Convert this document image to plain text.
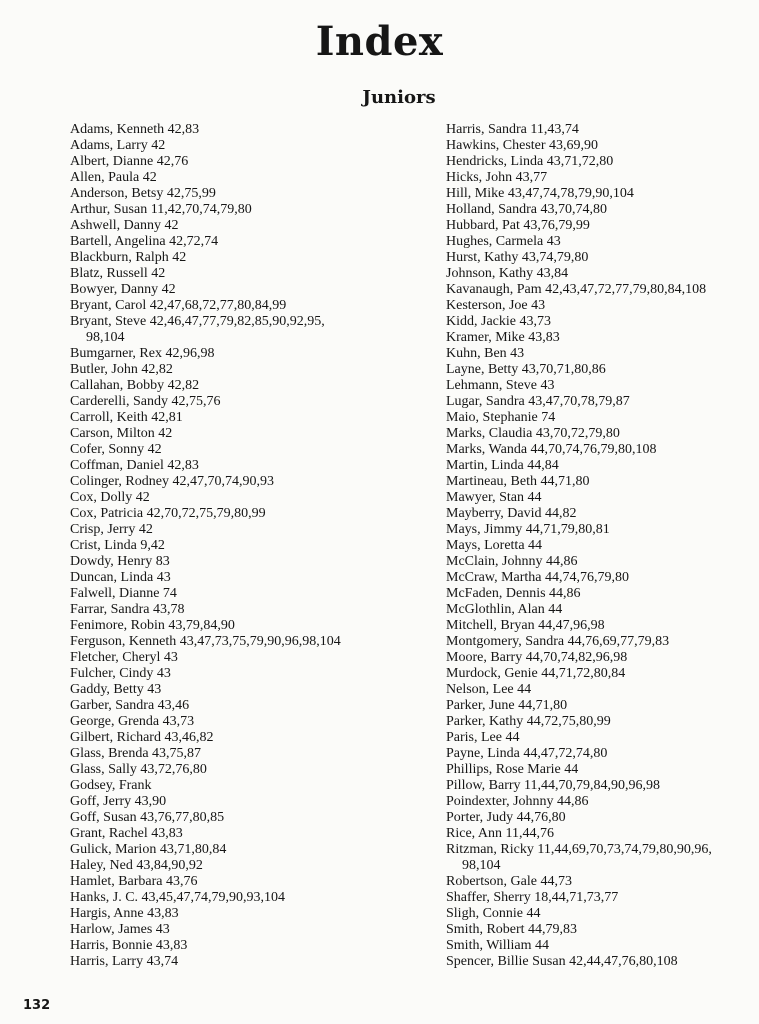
Index
Juniors
Adams, Kenneth 42,83
Adams, Larry 42
Albert, Dianne 42,76
Allen, Paula 42
Anderson, Betsy 42,75,99
Arthur, Susan 11,42,70,74,79,80
Ashwell, Danny 42
Bartell, Angelina 42,72,74
Blackburn, Ralph 42
Blatz, Russell 42
Bowyer, Danny 42
Bryant, Carol 42,47,68,72,77,80,84,99
Bryant, Steve 42,46,47,77,79,82,85,90,92,95,
98,104
Bumgarner, Rex 42,96,98
Butler, John 42,82
Callahan, Bobby 42,82
Carderelli, Sandy 42,75,76
Carroll, Keith 42,81
Carson, Milton 42
Cofer, Sonny 42
Coffman, Daniel 42,83
Colinger, Rodney 42,47,70,74,90,93
Cox, Dolly 42
Cox, Patricia 42,70,72,75,79,80,99
Crisp, Jerry 42
Crist, Linda 9,42
Dowdy, Henry 83
Duncan, Linda 43
Falwell, Dianne 74
Farrar, Sandra 43,78
Fenimore, Robin 43,79,84,90
Ferguson, Kenneth 43,47,73,75,79,90,96,98,104
Fletcher, Cheryl 43
Fulcher, Cindy 43
Gaddy, Betty 43
Garber, Sandra 43,46
George, Grenda 43,73
Gilbert, Richard 43,46,82
Glass, Brenda 43,75,87
Glass, Sally 43,72,76,80
Godsey, Frank
Goff, Jerry 43,90
Goff, Susan 43,76,77,80,85
Grant, Rachel 43,83
Gulick, Marion 43,71,80,84
Haley, Ned 43,84,90,92
Hamlet, Barbara 43,76
Hanks, J. C. 43,45,47,74,79,90,93,104
Hargis, Anne 43,83
Harlow, James 43
Harris, Bonnie 43,83
Harris, Larry 43,74
Harris, Sandra 11,43,74
Hawkins, Chester 43,69,90
Hendricks, Linda 43,71,72,80
Hicks, John 43,77
Hill, Mike 43,47,74,78,79,90,104
Holland, Sandra 43,70,74,80
Hubbard, Pat 43,76,79,99
Hughes, Carmela 43
Hurst, Kathy 43,74,79,80
Johnson, Kathy 43,84
Kavanaugh, Pam 42,43,47,72,77,79,80,84,108
Kesterson, Joe 43
Kidd, Jackie 43,73
Kramer, Mike 43,83
Kuhn, Ben 43
Layne, Betty 43,70,71,80,86
Lehmann, Steve 43
Lugar, Sandra 43,47,70,78,79,87
Maio, Stephanie 74
Marks, Claudia 43,70,72,79,80
Marks, Wanda 44,70,74,76,79,80,108
Martin, Linda 44,84
Martineau, Beth 44,71,80
Mawyer, Stan 44
Mayberry, David 44,82
Mays, Jimmy 44,71,79,80,81
Mays, Loretta 44
McClain, Johnny 44,86
McCraw, Martha 44,74,76,79,80
McFaden, Dennis 44,86
McGlothlin, Alan 44
Mitchell, Bryan 44,47,96,98
Montgomery, Sandra 44,76,69,77,79,83
Moore, Barry 44,70,74,82,96,98
Murdock, Genie 44,71,72,80,84
Nelson, Lee 44
Parker, June 44,71,80
Parker, Kathy 44,72,75,80,99
Paris, Lee 44
Payne, Linda 44,47,72,74,80
Phillips, Rose Marie 44
Pillow, Barry 11,44,70,79,84,90,96,98
Poindexter, Johnny 44,86
Porter, Judy 44,76,80
Rice, Ann 11,44,76
Ritzman, Ricky 11,44,69,70,73,74,79,80,90,96,
98,104
Robertson, Gale 44,73
Shaffer, Sherry 18,44,71,73,77
Sligh, Connie 44
Smith, Robert 44,79,83
Smith, William 44
Spencer, Billie Susan 42,44,47,76,80,108
132
